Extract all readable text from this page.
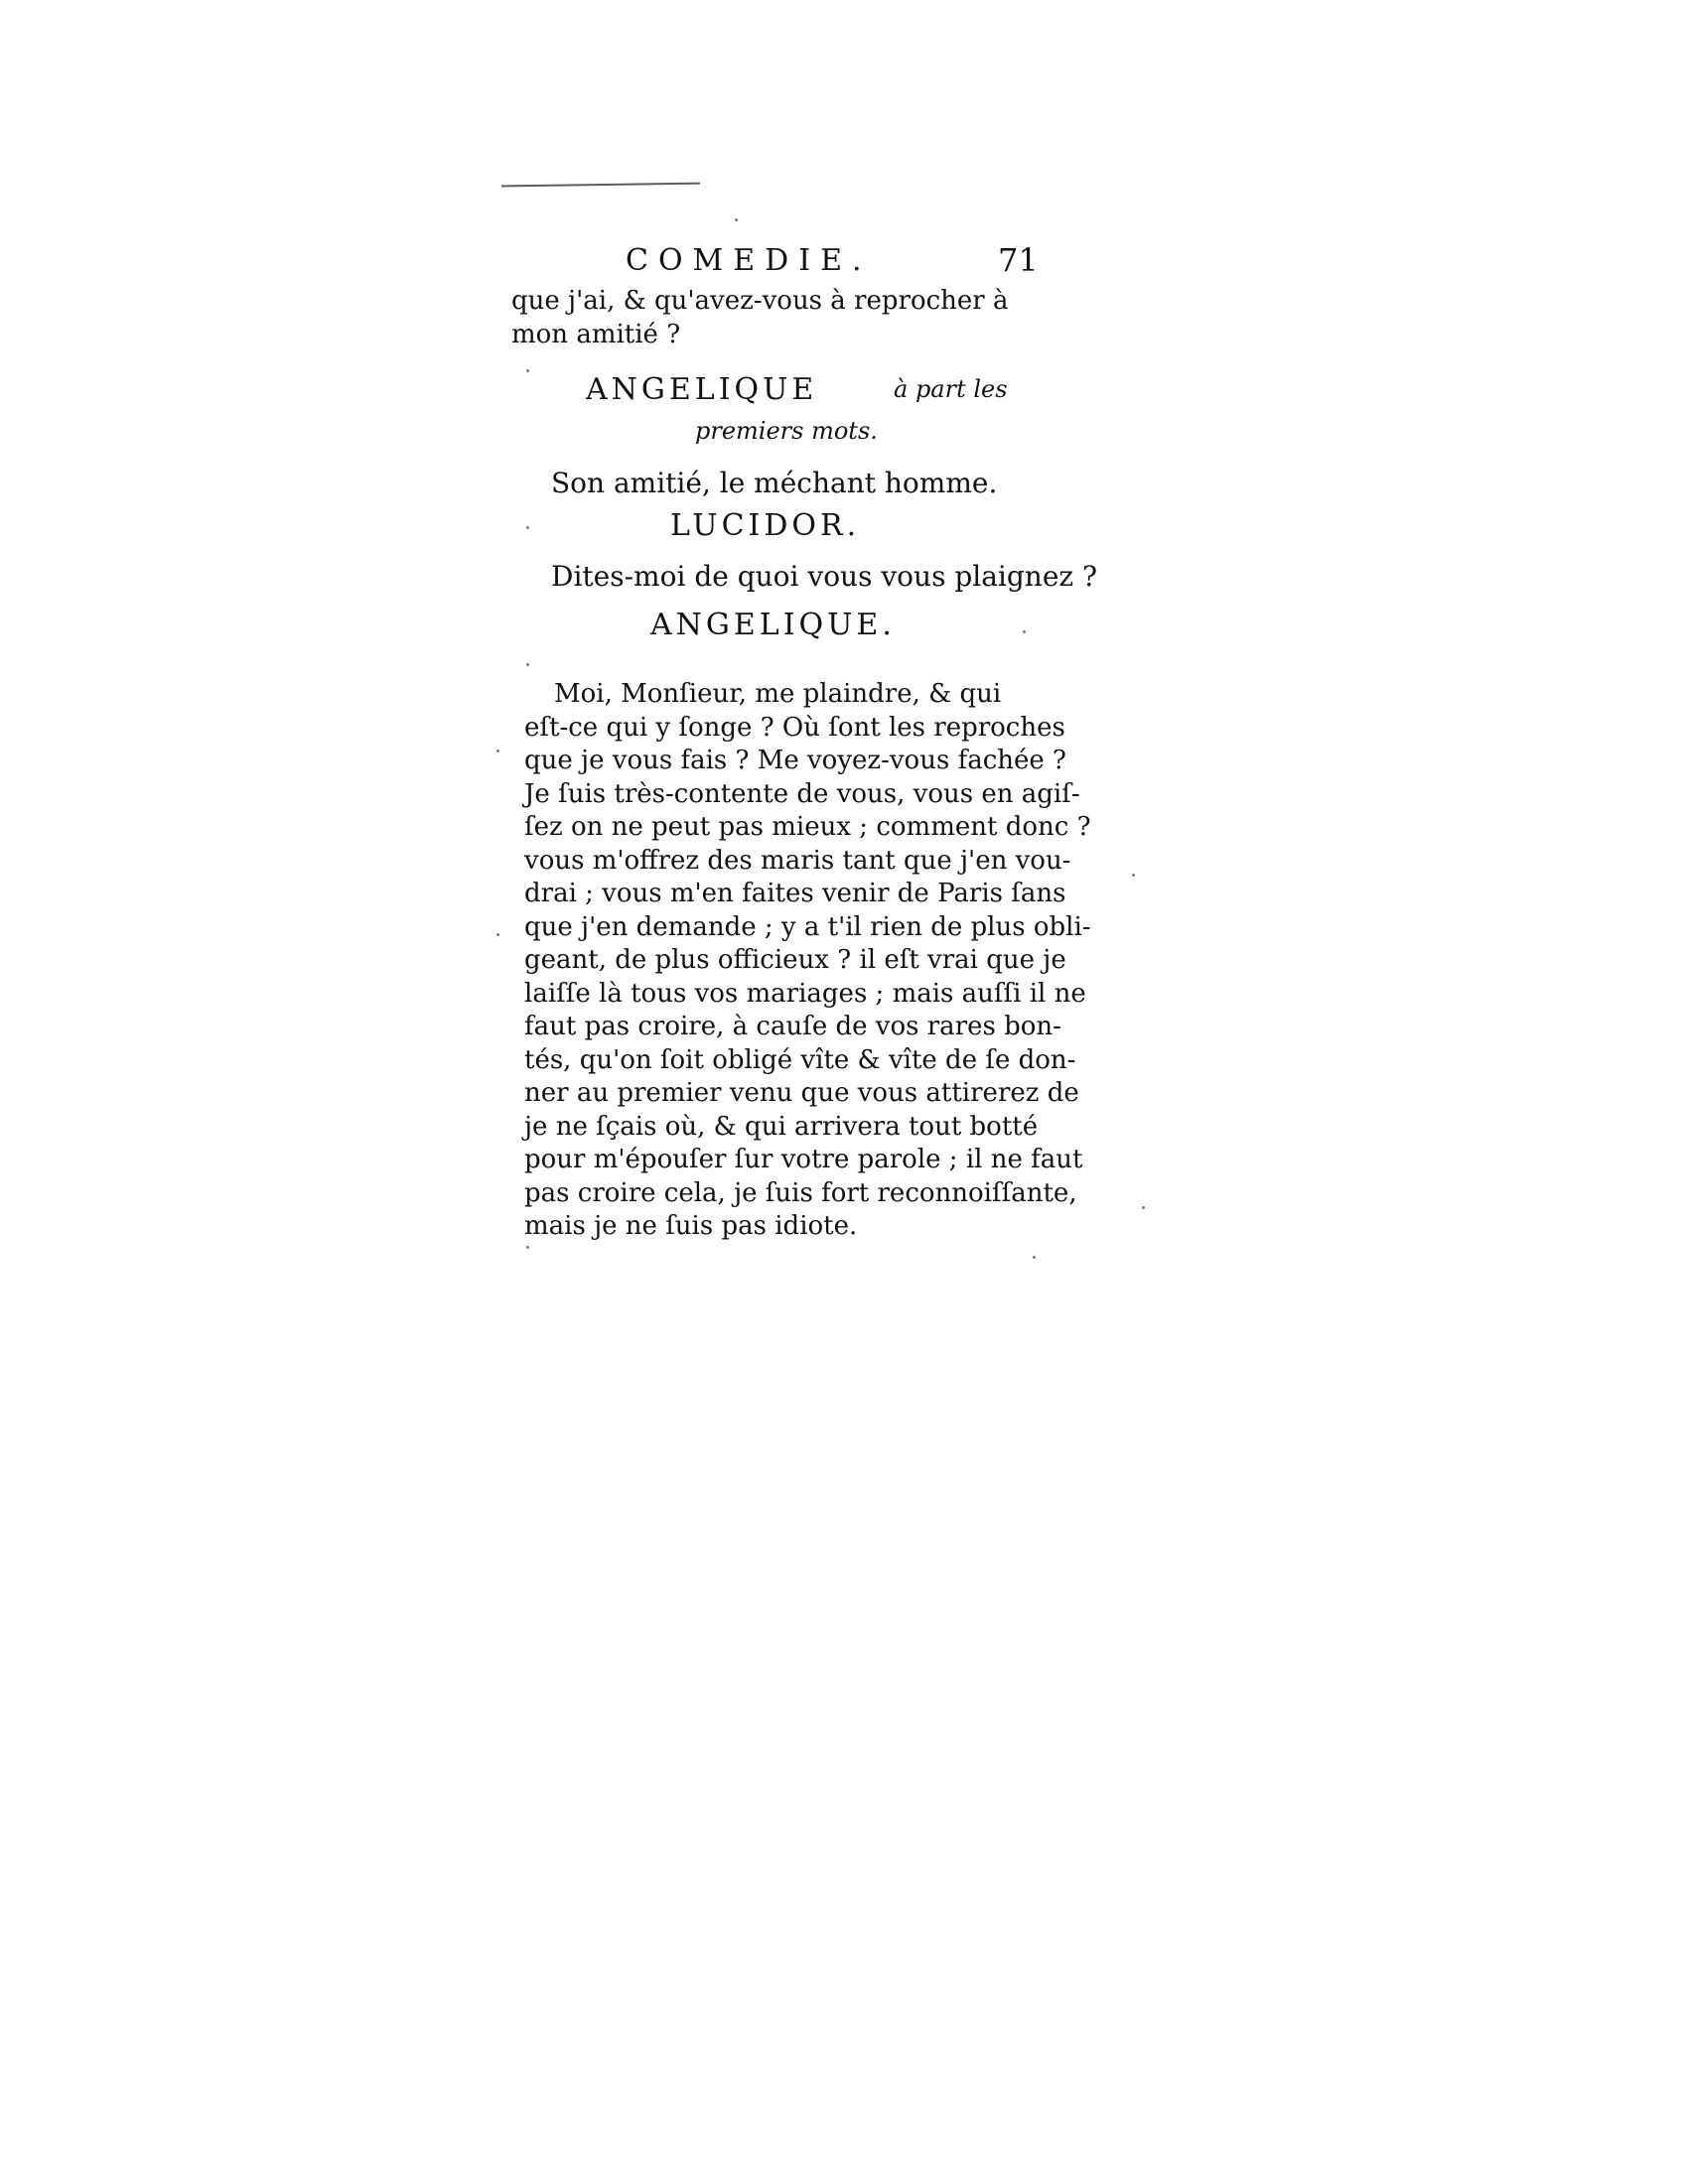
COMEDIE.	71
que j'ai, & qu'avez-vous à reprocher à
mon amitié ?
ANGELIQUE	à part les
premiers mots.
Son amitié, le méchant homme.
LUCIDOR.
Dites-moi de quoi vous vous plaignez ?
ANGELIQUE.
Moi, Monſieur, me plaindre, & qui
eſt-ce qui y ſonge ? Où ſont les reproches
que je vous fais ? Me voyez-vous fachée ?
Je ſuis très-contente de vous, vous en agiſ-
ſez on ne peut pas mieux ; comment donc ?
vous m'offrez des maris tant que j'en vou-
drai ; vous m'en faites venir de Paris ſans
que j'en demande ; y a t'il rien de plus obli-
geant, de plus officieux ? il eſt vrai que je
laiſſe là tous vos mariages ; mais auſſi il ne
faut pas croire, à cauſe de vos rares bon-
tés, qu'on ſoit obligé vîte & vîte de ſe don-
ner au premier venu que vous attirerez de
je ne ſçais où, & qui arrivera tout botté
pour m'épouſer ſur votre parole ; il ne faut
pas croire cela, je ſuis fort reconnoiſſante,
mais je ne ſuis pas idiote.
